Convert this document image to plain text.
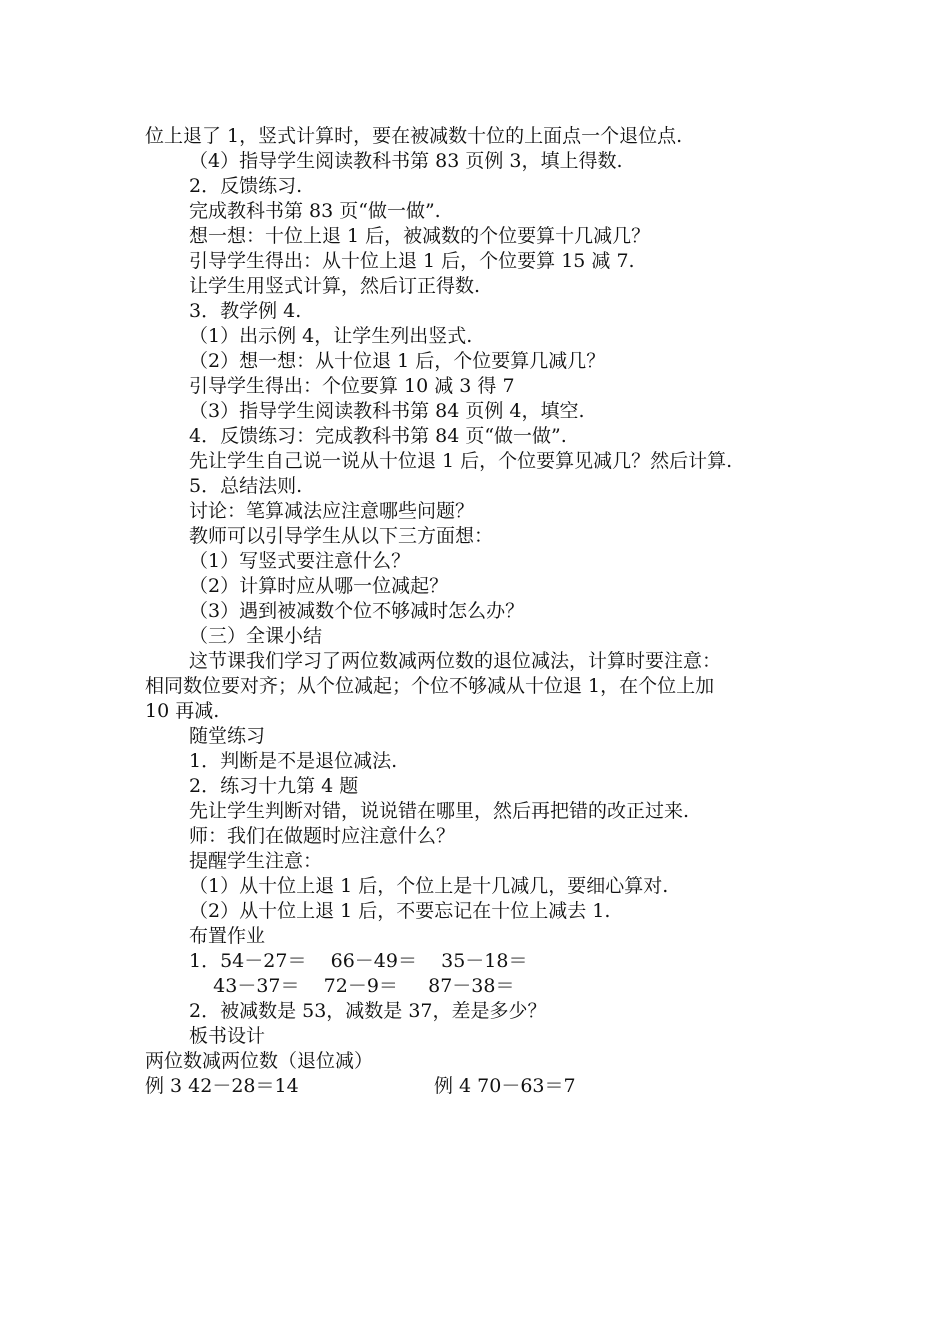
位上退了 1，竖式计算时，要在被减数十位的上面点一个退位点.
（4）指导学生阅读教科书第 83 页例 3，填上得数.
2．反馈练习.
完成教科书第 83 页“做一做”.
想一想：十位上退 1 后，被减数的个位要算十几减几？
引导学生得出：从十位上退 1 后，个位要算 15 减 7.
让学生用竖式计算，然后订正得数.
3．教学例 4.
（1）出示例 4，让学生列出竖式.
（2）想一想：从十位退 1 后，个位要算几减几？
引导学生得出：个位要算 10 减 3 得 7
（3）指导学生阅读教科书第 84 页例 4，填空.
4．反馈练习：完成教科书第 84 页“做一做”.
先让学生自己说一说从十位退 1 后，个位要算见减几？然后计算.
5．总结法则.
讨论：笔算减法应注意哪些问题？
教师可以引导学生从以下三方面想：
（1）写竖式要注意什么？
（2）计算时应从哪一位减起？
（3）遇到被减数个位不够减时怎么办？
（三）全课小结
这节课我们学习了两位数减两位数的退位减法，计算时要注意：
相同数位要对齐；从个位减起；个位不够减从十位退 1，在个位上加
10 再减.
随堂练习
1．判断是不是退位减法.
2．练习十九第 4 题
先让学生判断对错，说说错在哪里，然后再把错的改正过来.
师：我们在做题时应注意什么？
提醒学生注意：
（1）从十位上退 1 后，个位上是十几减几，要细心算对.
（2）从十位上退 1 后，不要忘记在十位上减去 1.
布置作业
1．54－27＝    66－49＝    35－18＝
43－37＝    72－9＝     87－38＝
2．被减数是 53，减数是 37，差是多少？
板书设计
两位数减两位数（退位减）
例 3 42－28＝14	例 4 70－63＝7
